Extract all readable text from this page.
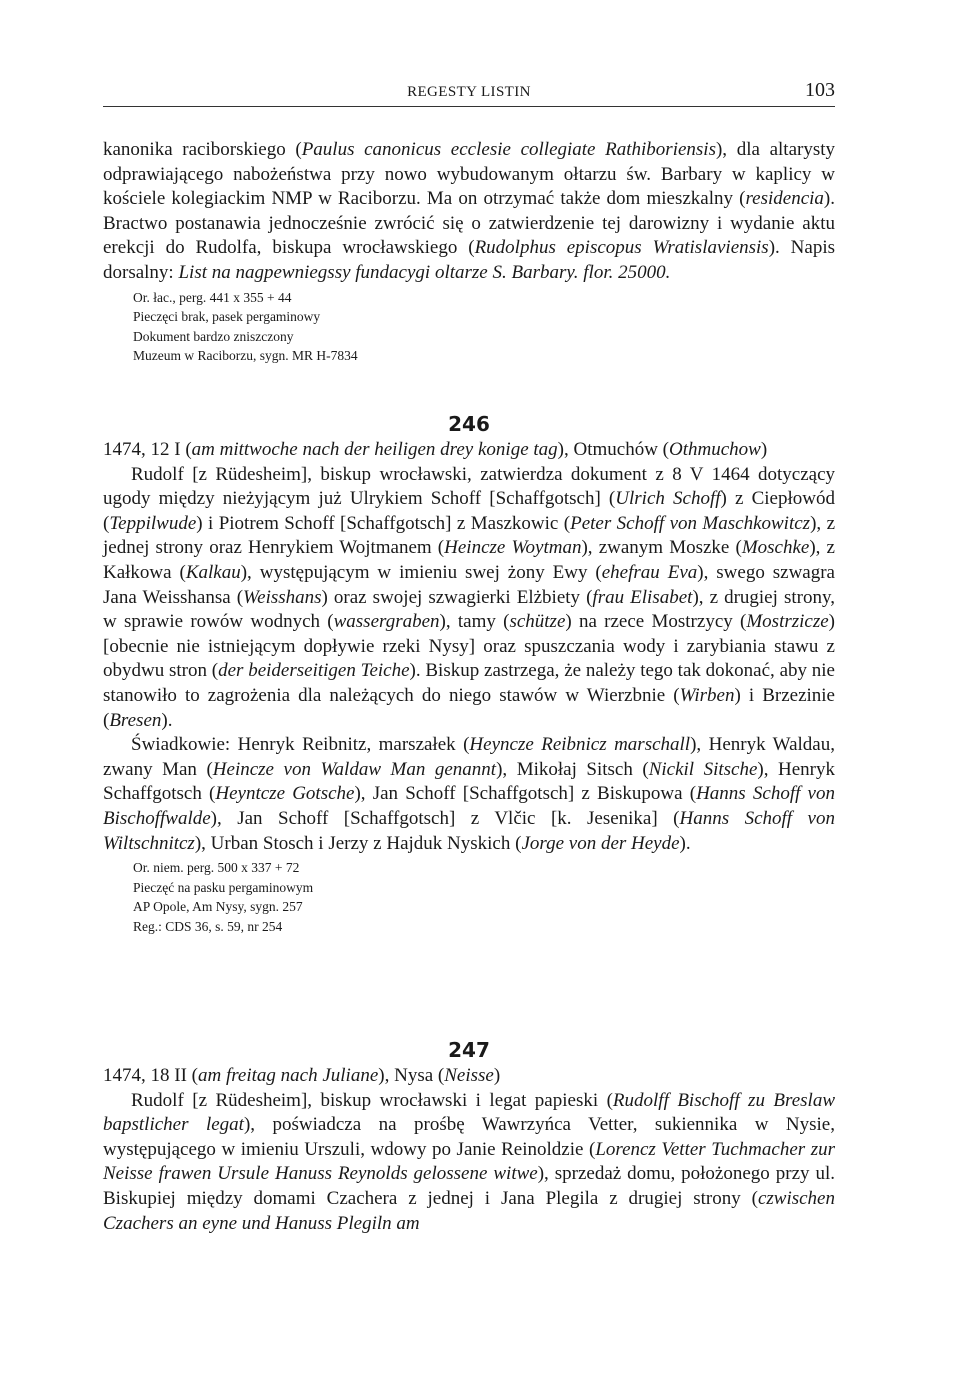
REGESTY LISTIN	103

kanonika raciborskiego (Paulus canonicus ecclesie collegiate Rathiboriensis), dla altarysty odprawiającego nabożeństwa przy nowo wybudowanym ołtarzu św. Barbary w kaplicy w kościele kolegiackim NMP w Raciborzu. Ma on otrzymać także dom mieszkalny (residencia). Bractwo postanawia jednocześnie zwrócić się o zatwierdzenie tej darowizny i wydanie aktu erekcji do Rudolfa, biskupa wrocławskiego (Rudolphus episcopus Wratislaviensis). Napis dorsalny: List na nagpewniegssy fundacygi oltarze S. Barbary. flor. 25000.

Or. łac., perg. 441 x 355 + 44
Pieczęci brak, pasek pergaminowy
Dokument bardzo zniszczony
Muzeum w Raciborzu, sygn. MR H-7834
246

1474, 12 I (am mittwoche nach der heiligen drey konige tag), Otmuchów (Othmuchow)

Rudolf [z Rüdesheim], biskup wrocławski, zatwierdza dokument z 8 V 1464 dotyczący ugody między nieżyjącym już Ulrykiem Schoff [Schaffgotsch] (Ulrich Schoff) z Ciepłowód (Teppilwude) i Piotrem Schoff [Schaffgotsch] z Maszkowic (Peter Schoff von Maschkowitcz), z jednej strony oraz Henrykiem Wojtmanem (Heincze Woytman), zwanym Moszke (Moschke), z Kałkowa (Kalkau), występującym w imieniu swej żony Ewy (ehefrau Eva), swego szwagra Jana Weisshansa (Weisshans) oraz swojej szwagierki Elżbiety (frau Elisabet), z drugiej strony, w sprawie rowów wodnych (wassergraben), tamy (schütze) na rzece Mostrzycy (Mostrzicze) [obecnie nie istniejącym dopływie rzeki Nysy] oraz spuszczania wody i zarybiania stawu z obydwu stron (der beiderseitigen Teiche). Biskup zastrzega, że należy tego tak dokonać, aby nie stanowiło to zagrożenia dla należących do niego stawów w Wierzbnie (Wirben) i Brzezinie (Bresen).

Świadkowie: Henryk Reibnitz, marszałek (Heyncze Reibnicz marschall), Henryk Waldau, zwany Man (Heincze von Waldaw Man genannt), Mikołaj Sitsch (Nickil Sitsche), Henryk Schaffgotsch (Heyntcze Gotsche), Jan Schoff [Schaffgotsch] z Biskupowa (Hanns Schoff von Bischoffwalde), Jan Schoff [Schaffgotsch] z Vlčic [k. Jesenika] (Hanns Schoff von Wiltschnitcz), Urban Stosch i Jerzy z Hajduk Nyskich (Jorge von der Heyde).

Or. niem. perg. 500 x 337 + 72
Pieczęć na pasku pergaminowym
AP Opole, Am Nysy, sygn. 257
Reg.: CDS 36, s. 59, nr 254
247

1474, 18 II (am freitag nach Juliane), Nysa (Neisse)

Rudolf [z Rüdesheim], biskup wrocławski i legat papieski (Rudolff Bischoff zu Breslaw bapstlicher legat), poświadcza na prośbę Wawrzyńca Vetter, sukiennika w Nysie, występującego w imieniu Urszuli, wdowy po Janie Reinoldzie (Lorencz Vetter Tuchmacher zur Neisse frawen Ursule Hanuss Reynolds gelossene witwe), sprzedaż domu, położonego przy ul. Biskupiej między domami Czachera z jednej i Jana Plegila z drugiej strony (czwischen Czachers an eyne und Hanuss Plegiln am
